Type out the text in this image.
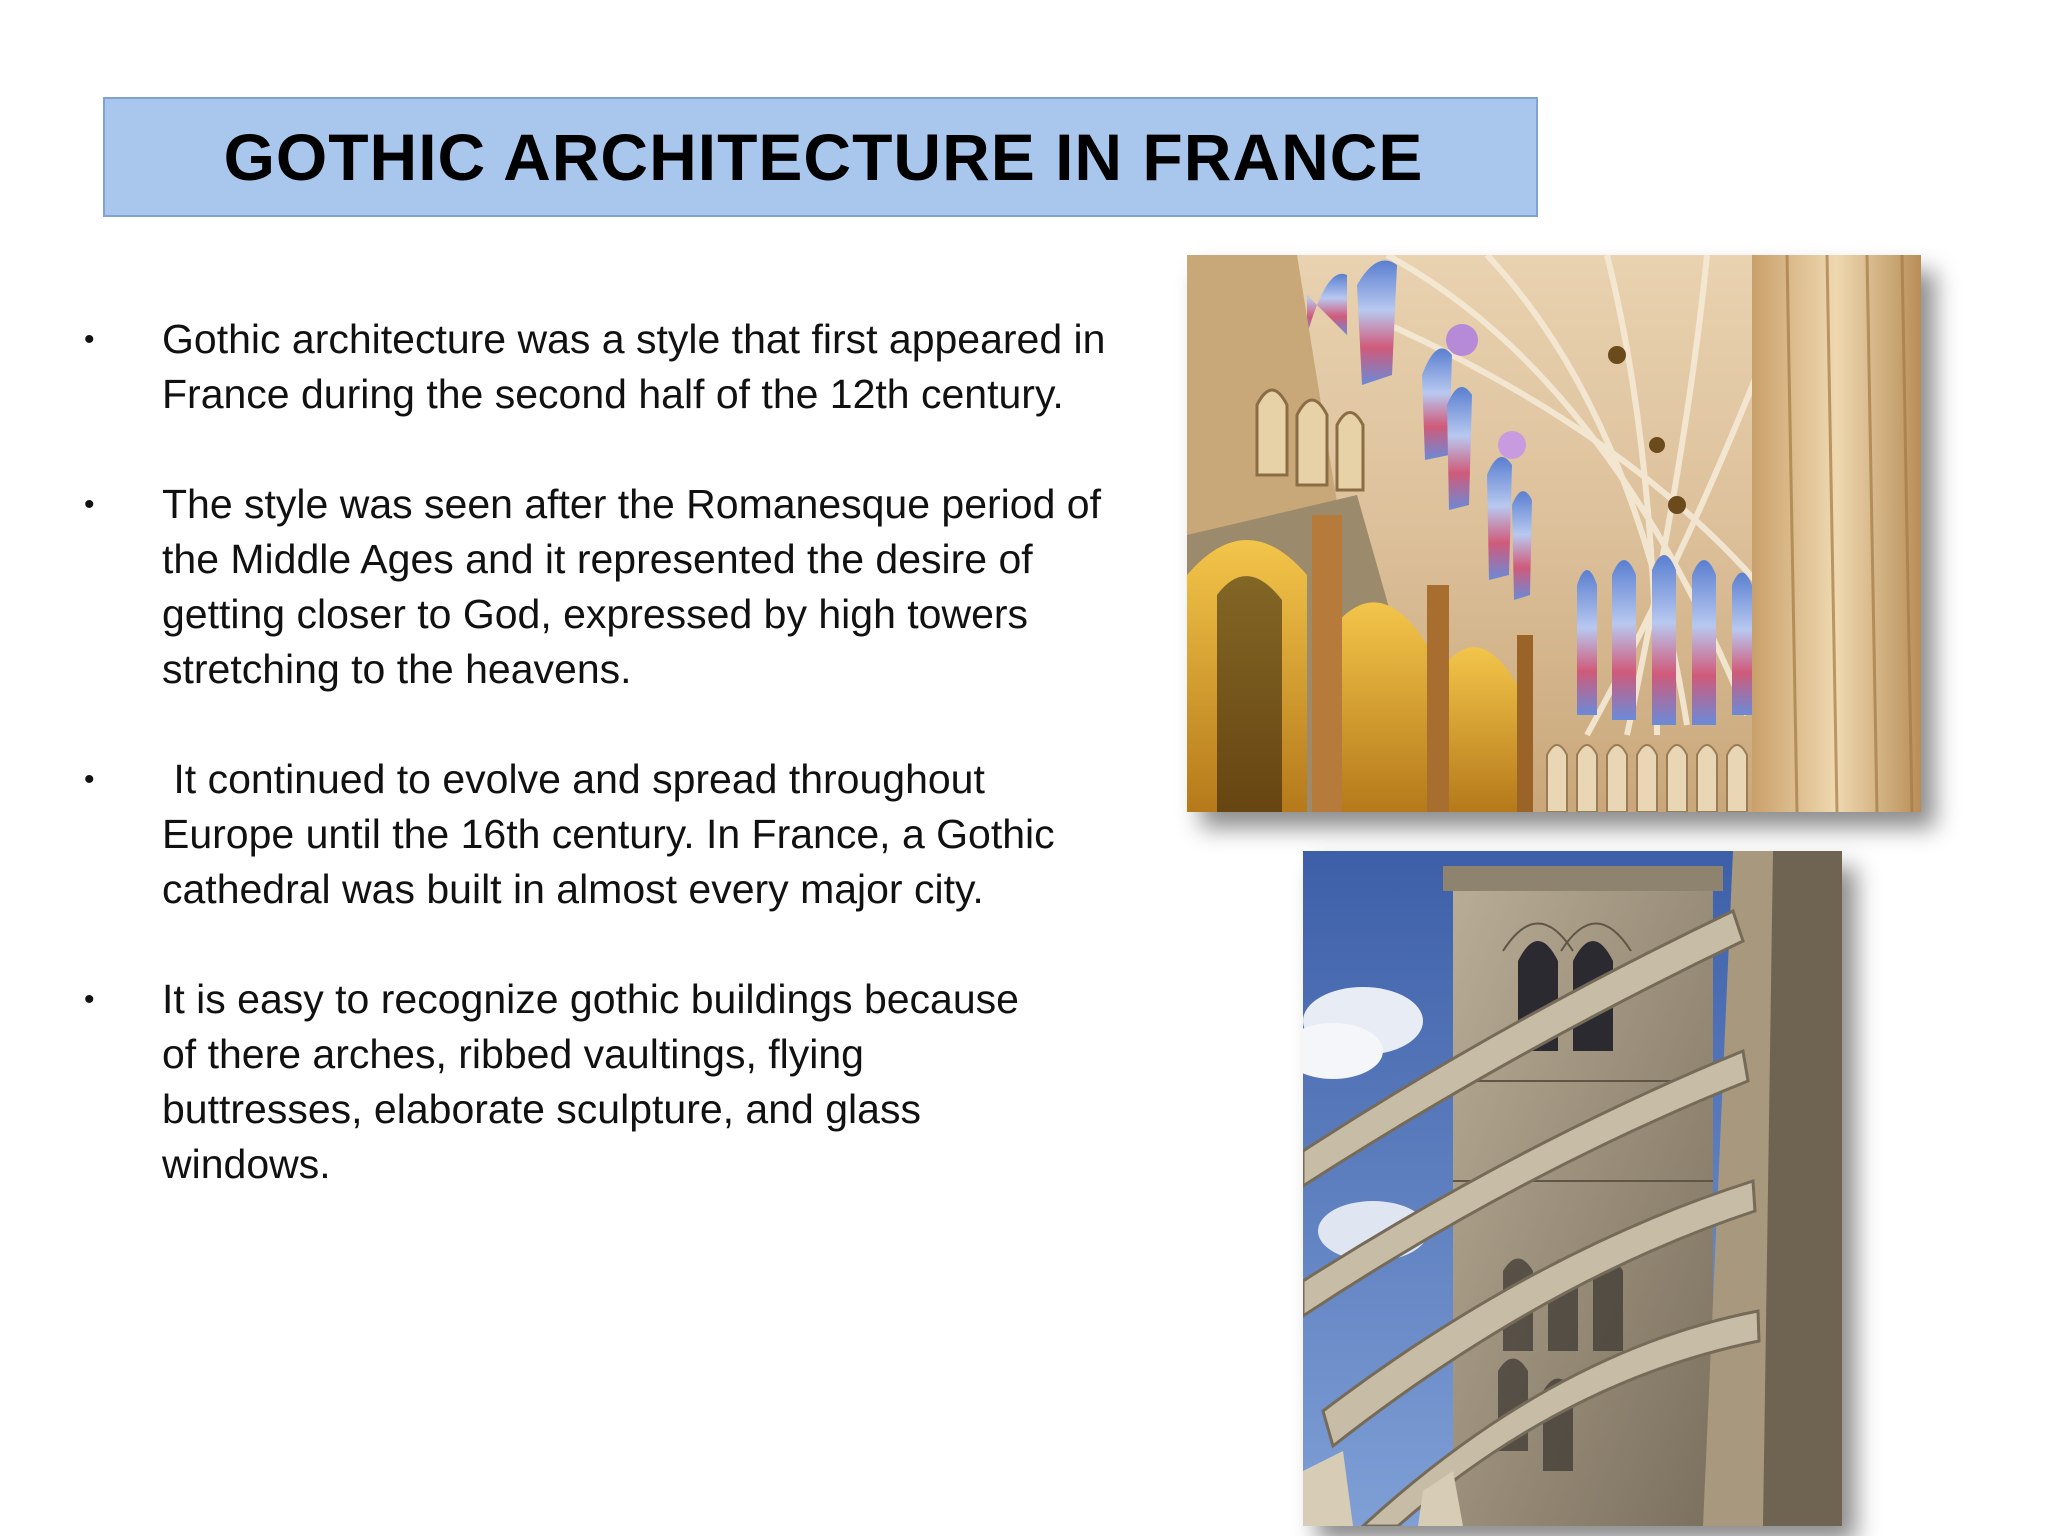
GOTHIC ARCHITECTURE IN FRANCE
• Gothic architecture was a style that first appeared in France during the second half of the 12th century.
• The style was seen after the Romanesque period of the Middle Ages and it represented the desire of getting closer to God, expressed by high towers stretching to the heavens.
• It continued to evolve and spread throughout Europe until the 16th century. In France, a Gothic cathedral was built in almost every major city.
• It is easy to recognize gothic buildings because of there arches, ribbed vaultings, flying buttresses, elaborate sculpture, and glass windows.
